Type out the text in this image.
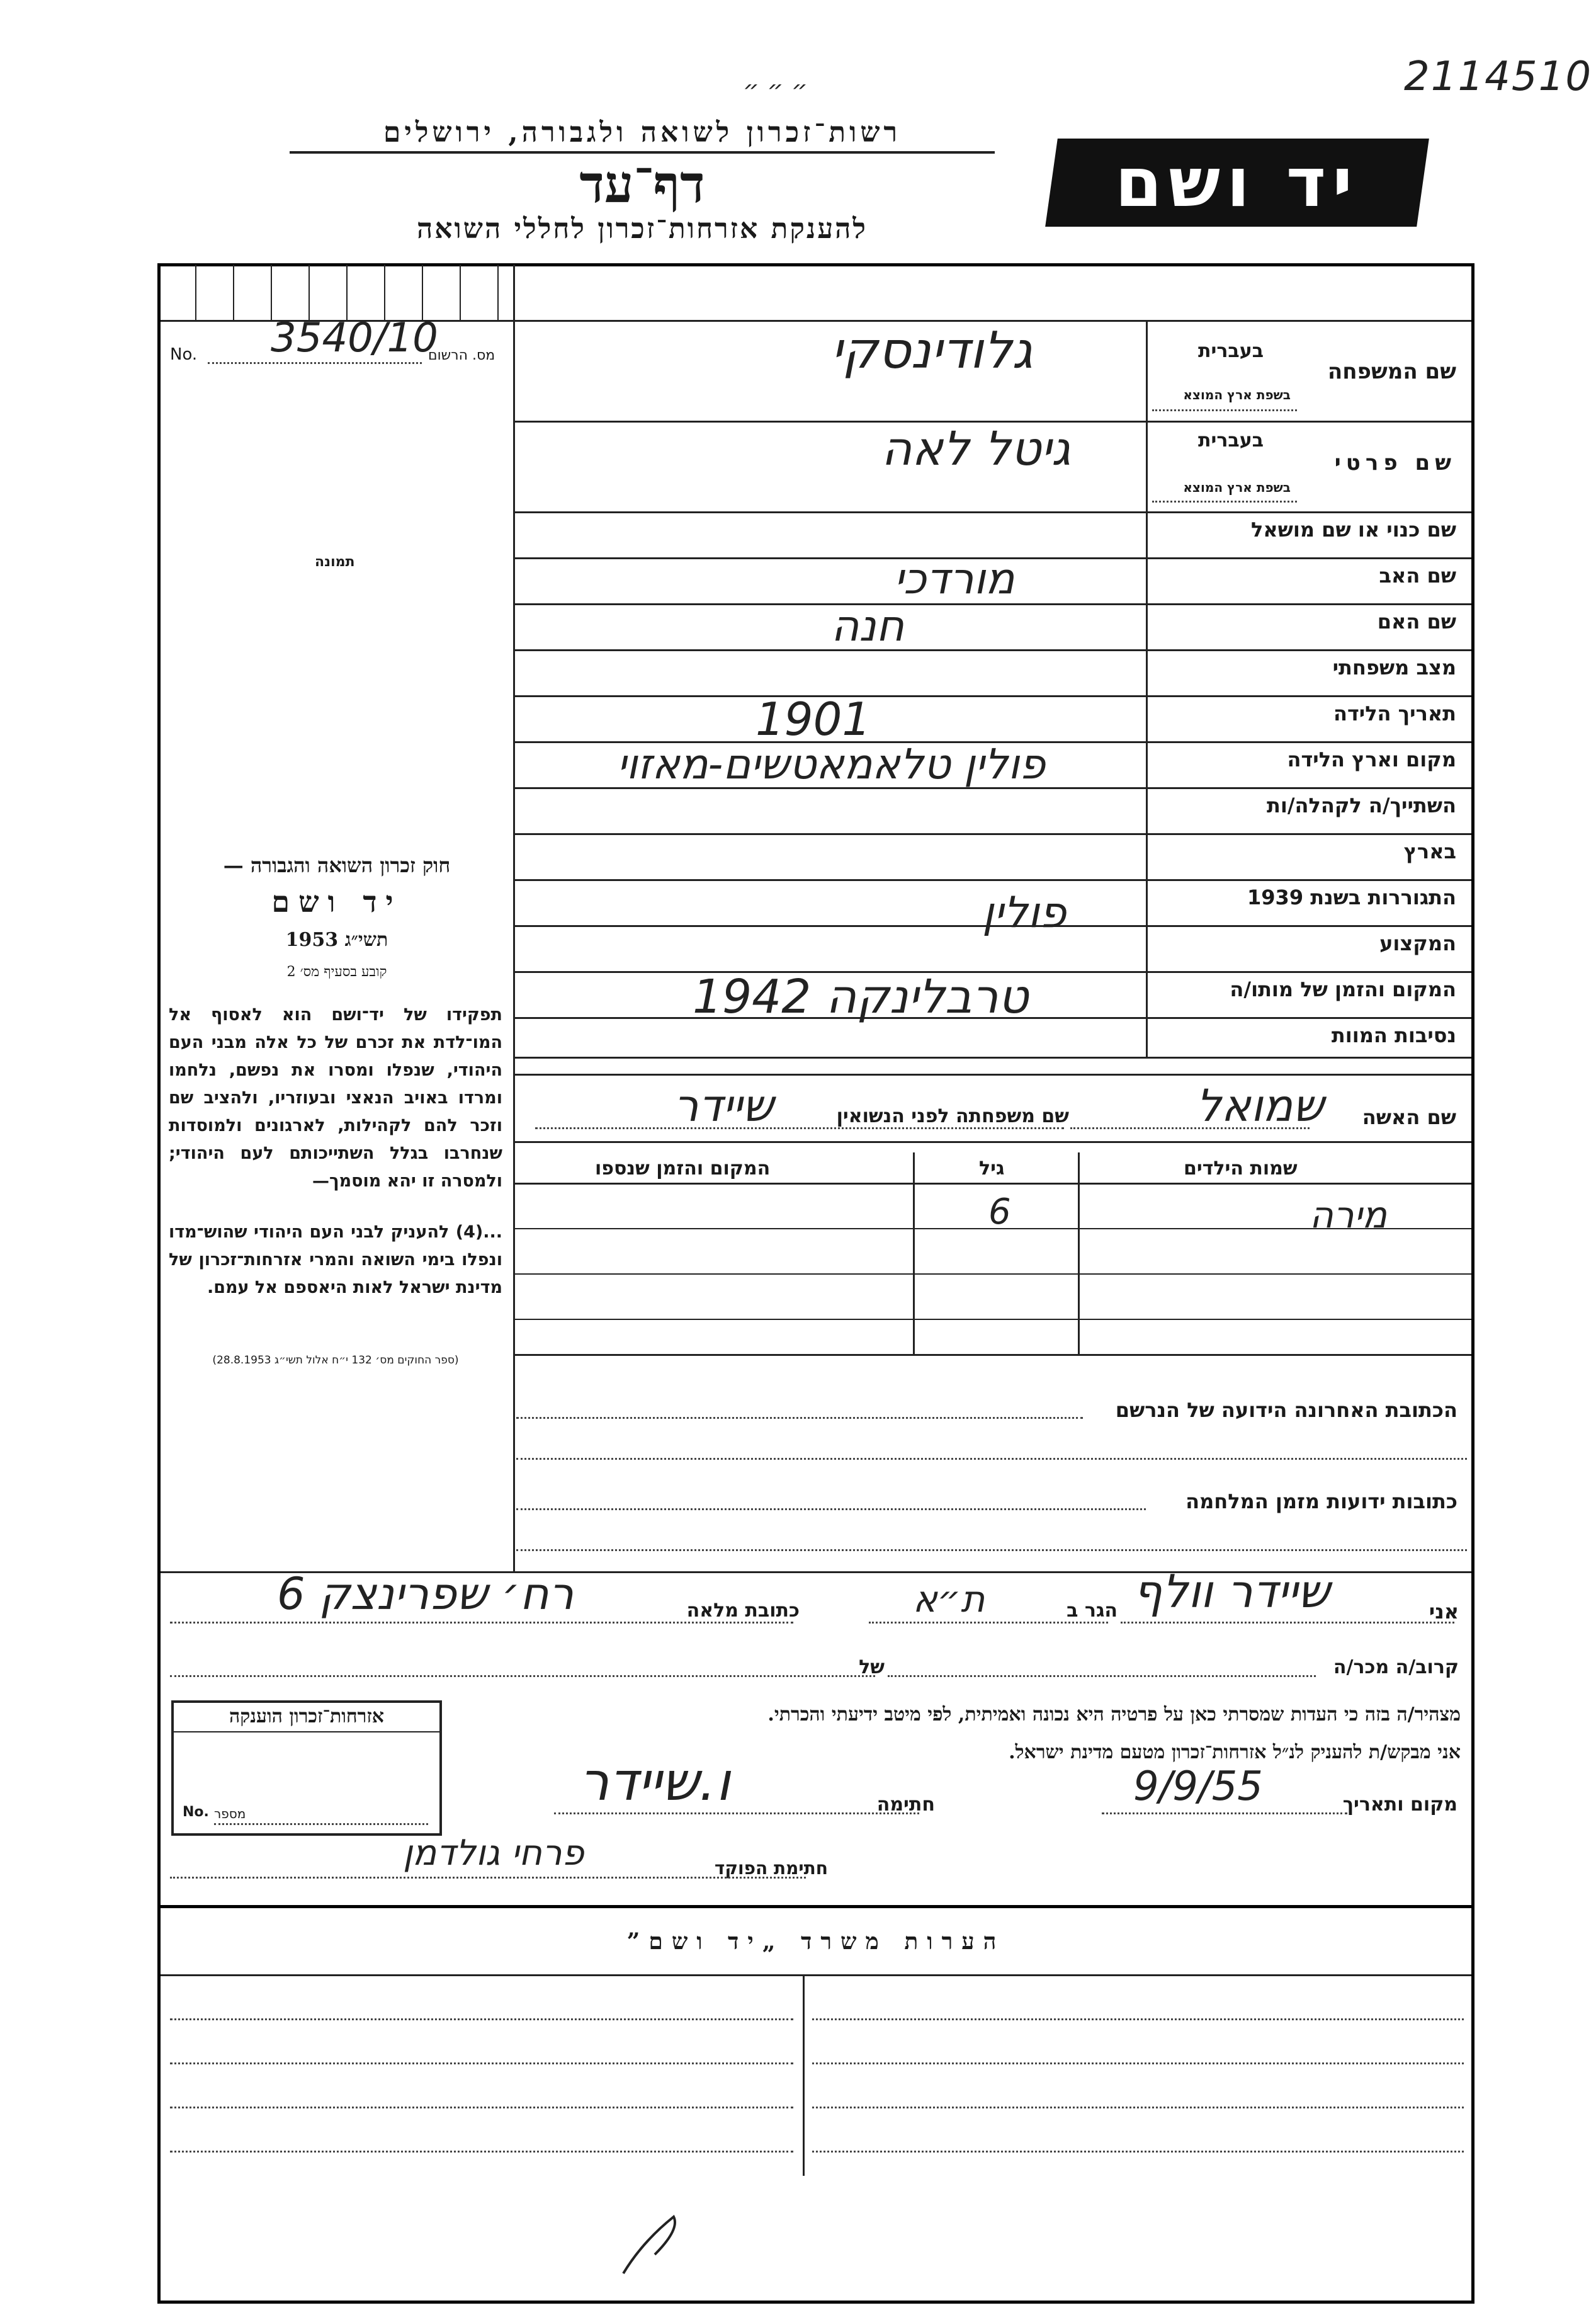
״ ״ ״	2114510
רשות־זכרון לשואה ולגבורה, ירושלים
דף־עד
להענקת אזרחות־זכרון לחללי השואה
יד ושם
No. 3540/10
מס. הרשום
תמונה
שם המשפחה
בעברית
בשפת ארץ המוצא
גלודינסקי
שם פרטי
בעברית
בשפת ארץ המוצא
גיטל לאה
שם כנוי או שם מושאל
שם האב
מורדכי
שם האם
חנה
מצב משפחתי
תאריך הלידה
1901
מקום וארץ הלידה
פולין טלאמאטשים-מאזוי
השתייך/ה לקהלה/ות
בארץ
התגוררות בשנת 1939
פולין
המקצוע
המקום והזמן של מותו/ה
טרבלינקה 1942
נסיבות המוות
שם האשה
שמואל
שם משפחתה לפני הנשואין
שיידר
שמות הילדים
גיל
המקום והזמן שנספו
מירה
6
הכתובת האחרונה הידועה של הנרשם
כתובות ידועות מזמן המלחמה
חוק זכרון השואה והגבורה —
יד ושם
תשי״ג 1953
קובע בסעיף מס׳ 2
תפקידו של יד־ושם הוא לאסוף אל המו־לדת את זכרם של כל אלה מבני העם היהודי, שנפלו ומסרו את נפשם, נלחמו ומרדו באויב הנאצי ובעוזריו, ולהציב שם וזכר להם לקהילות, לארגונים ולמוסדות שנחרבו בגלל השתייכותם לעם היהודי; ולמסרה זו יהא מוסמך—
...(4) להעניק לבני העם היהודי שהוש־מדו ונפלו בימי השואה והמרי אזרחות־זכרון של מדינת ישראל לאות היאספם אל עמם.
(ספר החוקים מס׳ 132 י״ח אלול תשי״ג 28.8.1953)
אני
שיידר וולף
הגר ב
ת״א
כתובת מלאה
רח׳ שפרינצק 6
קרוב/ה מכר/ה
של
אזרחות־זכרון הוענקה
No. מספר
מצהיר/ה בזה כי העדות שמסרתי כאן על פרטיה היא נכונה ואמיתית, לפי מיטב ידיעתי והכרתי.
אני מבקש/ת להעניק לנ״ל אזרחות־זכרון מטעם מדינת ישראל.
מקום ותאריך
9/9/55
חתימה
ו.שיידר
חתימת הפוקד
פרחי גולדמן
הערות משרד „יד ושם”
